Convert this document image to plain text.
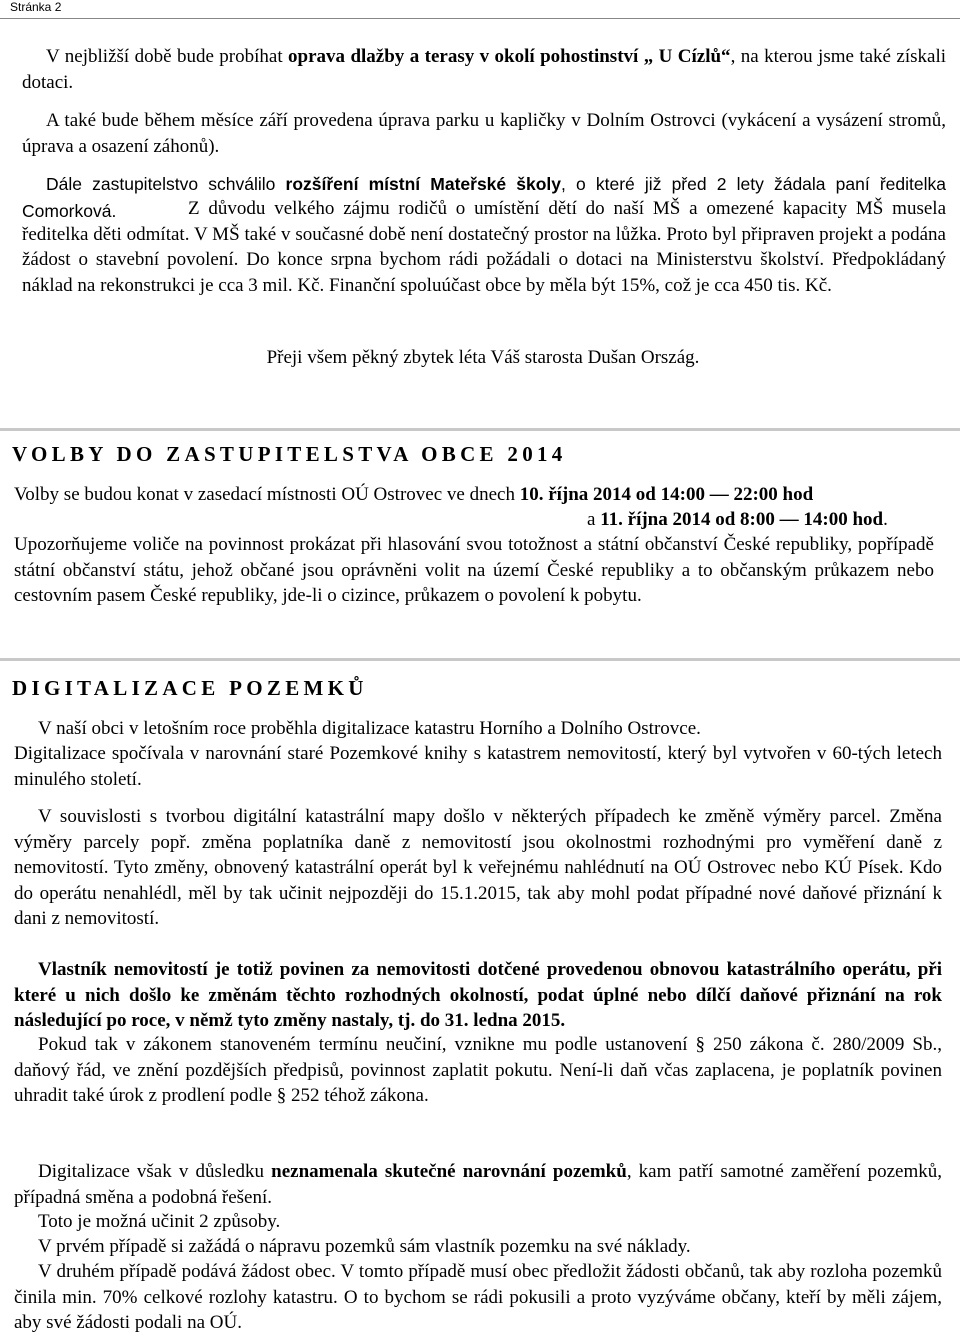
Stránka 2

V nejbližší době bude probíhat oprava dlažby a terasy v okolí pohostinství „ U Cízlů“, na kterou jsme také získali dotaci.

A také bude během měsíce září provedena úprava parku u kapličky v Dolním Ostrovci (vykácení a vysázení stromů, úprava a osazení záhonů).

Dále zastupitelstvo schválilo rozšíření místní Mateřské školy, o které již před 2 lety žádala paní ředitelka Comorková.	Z důvodu velkého zájmu rodičů o umístění dětí do naší MŠ a omezené kapacity MŠ musela ředitelka děti odmítat. V MŠ také v současné době není dostatečný prostor na lůžka. Proto byl připraven projekt a podána žádost o stavební povolení. Do konce srpna bychom rádi požádali o dotaci na Ministerstvu školství. Předpokládaný náklad na rekonstrukci je cca 3 mil. Kč. Finanční spoluúčast obce by měla být 15%, což je cca 450 tis. Kč.

Přeji všem pěkný zbytek léta Váš starosta Dušan Ország.

VOLBY DO ZASTUPITELSTVA OBCE 2014

Volby se budou konat v zasedací místnosti OÚ Ostrovec ve dnech 10. října 2014 od 14:00 — 22:00 hod

a 11. října 2014 od 8:00 — 14:00 hod.

Upozorňujeme voliče na povinnost prokázat při hlasování svou totožnost a státní občanství České republiky, popřípadě státní občanství státu, jehož občané jsou oprávněni volit na území České republiky a to občanským průkazem nebo cestovním pasem České republiky, jde-li o cizince, průkazem o povolení k pobytu.

DIGITALIZACE POZEMKŮ

V naší obci v letošním roce proběhla digitalizace katastru Horního a Dolního Ostrovce.

Digitalizace spočívala v narovnání staré Pozemkové knihy s katastrem nemovitostí, který byl vytvořen v 60-tých letech minulého století.

V souvislosti s tvorbou digitální katastrální mapy došlo v některých případech ke změně výměry parcel. Změna výměry parcely popř. změna poplatníka daně z nemovitostí jsou okolnostmi rozhodnými pro vyměření daně z nemovitostí. Tyto změny, obnovený katastrální operát byl k veřejnému nahlédnutí na OÚ Ostrovec nebo KÚ Písek. Kdo do operátu nenahlédl, měl by tak učinit nejpozději do 15.1.2015, tak aby mohl podat případné nové daňové přiznání k dani z nemovitostí.

Vlastník nemovitostí je totiž povinen za nemovitosti dotčené provedenou obnovou katastrálního operátu, při které u nich došlo ke změnám těchto rozhodných okolností, podat úplné nebo dílčí daňové přiznání na rok následující po roce, v němž tyto změny nastaly, tj. do 31. ledna 2015.

Pokud tak v zákonem stanoveném termínu neučiní, vznikne mu podle ustanovení § 250 zákona č. 280/2009 Sb., daňový řád, ve znění pozdějších předpisů, povinnost zaplatit pokutu. Není-li daň včas zaplacena, je poplatník povinen uhradit také úrok z prodlení podle § 252 téhož zákona.

Digitalizace však v důsledku neznamenala skutečné narovnání pozemků, kam patří samotné zaměření pozemků, případná směna a podobná řešení.

Toto je možná učinit 2 způsoby.

V prvém případě si zažádá o nápravu pozemků sám vlastník pozemku na své náklady.

V druhém případě podává žádost obec. V tomto případě musí obec předložit žádosti občanů, tak aby rozloha pozemků činila min. 70% celkové rozlohy katastru. O to bychom se rádi pokusili a proto vyzýváme občany, kteří by měli zájem, aby své žádosti podali na OÚ.
